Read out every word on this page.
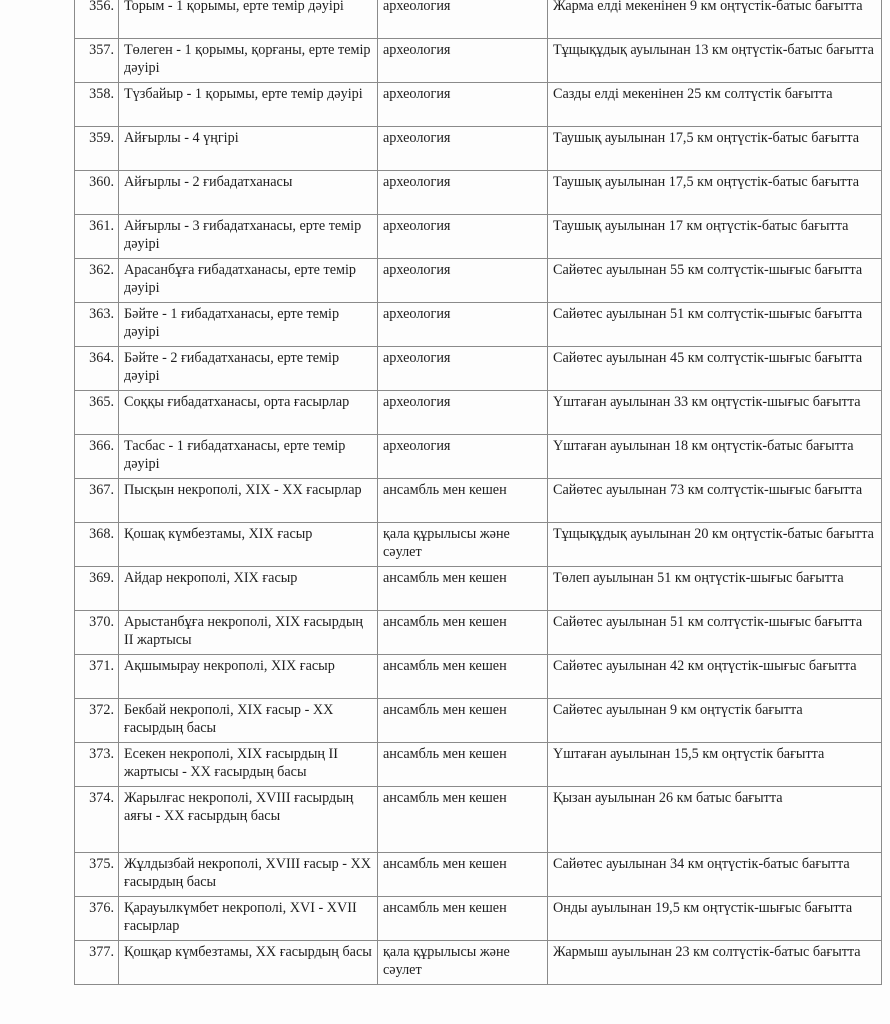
356.	Торым - 1 қорымы, ерте темір дәуірі	археология	Жарма елді мекенінен 9 км оңтүстік-батыс бағытта
357.	Төлеген - 1 қорымы, қорғаны, ерте темір дәуірі	археология	Тұщықұдық ауылынан 13 км оңтүстік-батыс бағытта
358.	Түзбайыр - 1 қорымы, ерте темір дәуірі	археология	Сазды елді мекенінен 25 км солтүстік бағытта
359.	Айғырлы - 4 үңгірі	археология	Таушық ауылынан 17,5 км оңтүстік-батыс бағытта
360.	Айғырлы - 2 ғибадатханасы	археология	Таушық ауылынан 17,5 км оңтүстік-батыс бағытта
361.	Айғырлы - 3 ғибадатханасы, ерте темір дәуірі	археология	Таушық ауылынан 17 км оңтүстік-батыс бағытта
362.	Арасанбұға ғибадатханасы, ерте темір дәуірі	археология	Сайөтес ауылынан 55 км солтүстік-шығыс бағытта
363.	Бәйте - 1 ғибадатханасы, ерте темір дәуірі	археология	Сайөтес ауылынан 51 км солтүстік-шығыс бағытта
364.	Бәйте - 2 ғибадатханасы, ерте темір дәуірі	археология	Сайөтес ауылынан 45 км солтүстік-шығыс бағытта
365.	Соққы ғибадатханасы, орта ғасырлар	археология	Үштаған ауылынан 33 км оңтүстік-шығыс бағытта
366.	Тасбас - 1 ғибадатханасы, ерте темір дәуірі	археология	Үштаған ауылынан 18 км оңтүстік-батыс бағытта
367.	Пысқын некрополі, XIX - XX ғасырлар	ансамбль мен кешен	Сайөтес ауылынан 73 км солтүстік-шығыс бағытта
368.	Қошақ күмбезтамы, XIX ғасыр	қала құрылысы және сәулет	Тұщықұдық ауылынан 20 км оңтүстік-батыс бағытта
369.	Айдар некрополі, XIX ғасыр	ансамбль мен кешен	Төлеп ауылынан 51 км оңтүстік-шығыс бағытта
370.	Арыстанбұға некрополі, XIX ғасырдың II жартысы	ансамбль мен кешен	Сайөтес ауылынан 51 км солтүстік-шығыс бағытта
371.	Ақшымырау некрополі, XIX ғасыр	ансамбль мен кешен	Сайөтес ауылынан 42 км оңтүстік-шығыс бағытта
372.	Бекбай некрополі, XIX ғасыр - XX ғасырдың басы	ансамбль мен кешен	Сайөтес ауылынан 9 км оңтүстік бағытта
373.	Есекен некрополі, XIX ғасырдың II жартысы - XX ғасырдың басы	ансамбль мен кешен	Үштаған ауылынан 15,5 км оңтүстік бағытта
374.	Жарылғас некрополі, XVIII ғасырдың аяғы - XX ғасырдың басы	ансамбль мен кешен	Қызан ауылынан 26 км батыс бағытта
375.	Жұлдызбай некрополі, XVIII ғасыр - XX ғасырдың басы	ансамбль мен кешен	Сайөтес ауылынан 34 км оңтүстік-батыс бағытта
376.	Қарауылкүмбет некрополі, XVI - XVII ғасырлар	ансамбль мен кешен	Онды ауылынан 19,5 км оңтүстік-шығыс бағытта
377.	Қошқар күмбезтамы, XX ғасырдың басы	қала құрылысы және сәулет	Жармыш ауылынан 23 км солтүстік-батыс бағытта
